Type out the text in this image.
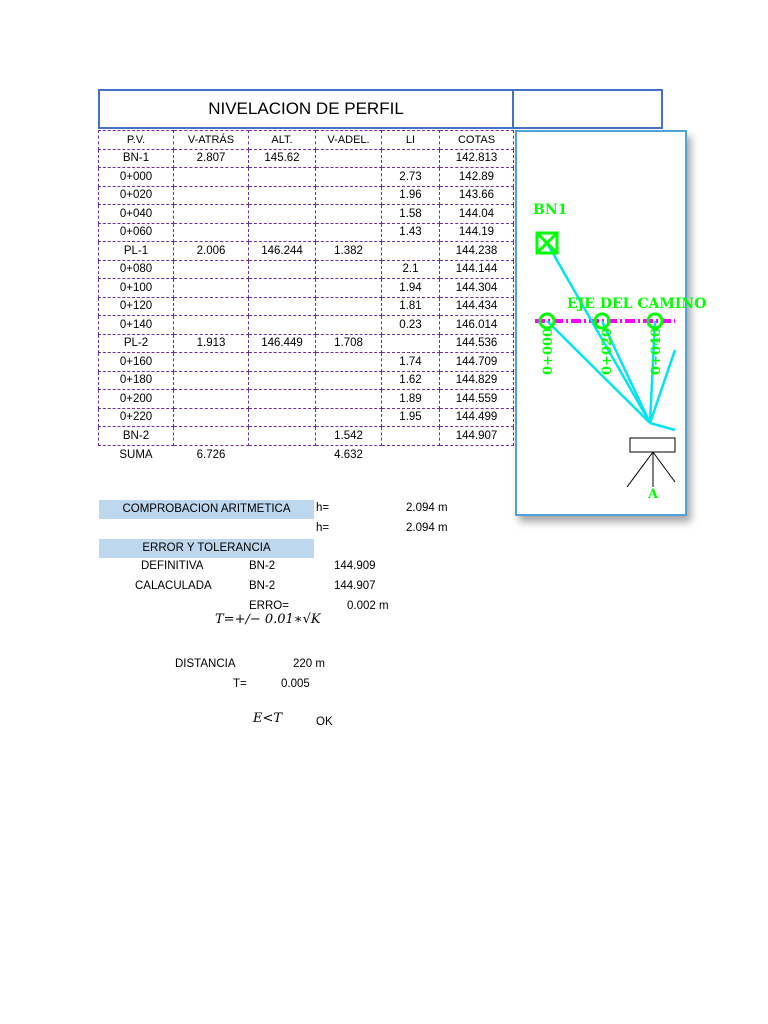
NIVELACION DE PERFIL
P.V.	V-ATRÁS	ALT.	V-ADEL.	LI	COTAS
BN-1	2.807	145.62			142.813
0+000				2.73	142.89
0+020				1.96	143.66
0+040				1.58	144.04
0+060				1.43	144.19
PL-1	2.006	146.244	1.382		144.238
0+080				2.1	144.144
0+100				1.94	144.304
0+120				1.81	144.434
0+140				0.23	146.014
PL-2	1.913	146.449	1.708		144.536
0+160				1.74	144.709
0+180				1.62	144.829
0+200				1.89	144.559
0+220				1.95	144.499
BN-2			1.542		144.907
SUMA	6.726		4.632		
COMPROBACION ARITMETICA	h=	2.094 m
h=	2.094 m
ERROR Y TOLERANCIA
DEFINITIVA	BN-2	144.909
CALACULADA	BN-2	144.907
ERRO=	0.002 m
T=+/− 0.01∗√K
DISTANCIA	220 m
T=	0.005
E<T	OK
BN1
EJE DEL CAMINO
0+000	0+020	0+040
A
